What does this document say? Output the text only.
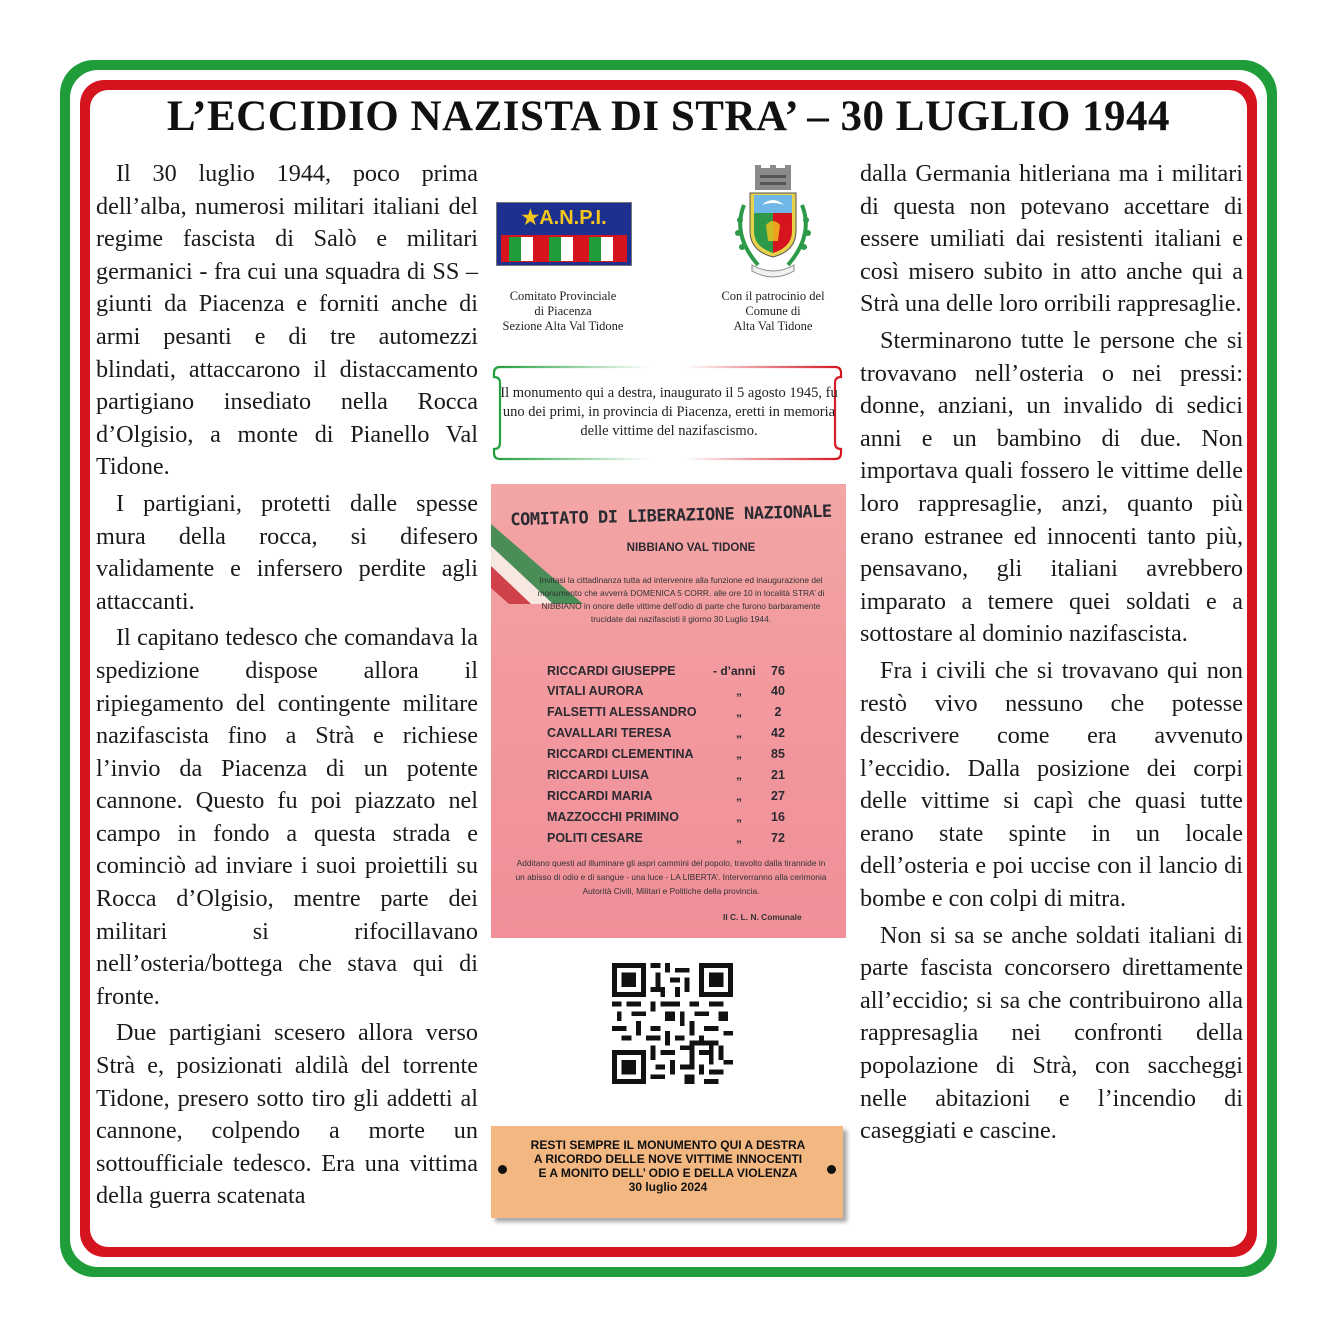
L’ECCIDIO NAZISTA DI STRA’ – 30 LUGLIO 1944

Il 30 luglio 1944, poco prima dell’alba, numerosi militari italiani del regime fascista di Salò e militari germanici - fra cui una squadra di SS – giunti da Piacenza e forniti anche di armi pesanti e di tre automezzi blindati, attaccarono il distaccamento partigiano insediato nella Rocca d’Olgisio, a monte di Pianello Val Tidone.

I partigiani, protetti dalle spesse mura della rocca, si difesero validamente e infersero perdite agli attaccanti.

Il capitano tedesco che comandava la spedizione dispose allora il ripiegamento del contingente militare nazifascista fino a Strà e richiese l’invio da Piacenza di un potente cannone. Questo fu poi piazzato nel campo in fondo a questa strada e cominciò ad inviare i suoi proiettili su Rocca d’Olgisio, mentre parte dei militari si rifocillavano nell’osteria/bottega che stava qui di fronte.

Due partigiani scesero allora verso Strà e, posizionati aldilà del torrente Tidone, presero sotto tiro gli addetti al cannone, colpendo a morte un sottoufficiale tedesco. Era una vittima della guerra scatenata

dalla Germania hitleriana ma i militari di questa non potevano accettare di essere umiliati dai resistenti italiani e così misero subito in atto anche qui a Strà una delle loro orribili rappresaglie.

Sterminarono tutte le persone che si trovavano nell’osteria o nei pressi: donne, anziani, un invalido di sedici anni e un bambino di due. Non importava quali fossero le vittime delle loro rappresaglie, anzi, quanto più erano estranee ed innocenti tanto più, pensavano, gli italiani avrebbero imparato a temere quei soldati e a sottostare al dominio nazifascista.

Fra i civili che si trovavano qui non restò vivo nessuno che potesse descrivere come era avvenuto l’eccidio. Dalla posizione dei corpi delle vittime si capì che quasi tutte erano state spinte in un locale dell’osteria e poi uccise con il lancio di bombe e con colpi di mitra.

Non si sa se anche soldati italiani di parte fascista concorsero direttamente all’eccidio; si sa che contribuirono alla rappresaglia nei confronti della popolazione di Strà, con saccheggi nelle abitazioni e l’incendio di caseggiati e cascine.

★A.N.P.I.
Comitato Provinciale
di Piacenza
Sezione Alta Val Tidone
Con il patrocinio del
Comune di
Alta Val Tidone
Il monumento qui a destra, inaugurato il 5 agosto 1945, fu uno dei primi, in provincia di Piacenza, eretti in memoria delle vittime del nazifascismo.
COMITATO DI LIBERAZIONE NAZIONALE
NIBBIANO VAL TIDONE
Invitasi la cittadinanza tutta ad intervenire alla funzione ed inaugurazione del monumento che avverrà DOMENICA 5 CORR. alle ore 10 in località STRA’ di NIBBIANO in onore delle vittime dell’odio di parte che furono barbaramente trucidate dai nazifascisti il giorno 30 Luglio 1944.
RICCARDI GIUSEPPE	- d’anni	76
VITALI AURORA	„	40
FALSETTI ALESSANDRO	„	2
CAVALLARI TERESA	„	42
RICCARDI CLEMENTINA	„	85
RICCARDI LUISA	„	21
RICCARDI MARIA	„	27
MAZZOCCHI PRIMINO	„	16
POLITI CESARE	„	72
Additano questi ad illuminare gli aspri cammini del popolo, travolto dalla tirannide in un abisso di odio e di sangue - una luce - LA LIBERTA’. Interverranno alla cerimonia Autorità Civili, Militari e Politiche della provincia.
Il C. L. N. Comunale
RESTI SEMPRE IL MONUMENTO QUI A DESTRA
A RICORDO DELLE NOVE VITTIME INNOCENTI
E A MONITO DELL’ ODIO E DELLA VIOLENZA
30 luglio 2024
